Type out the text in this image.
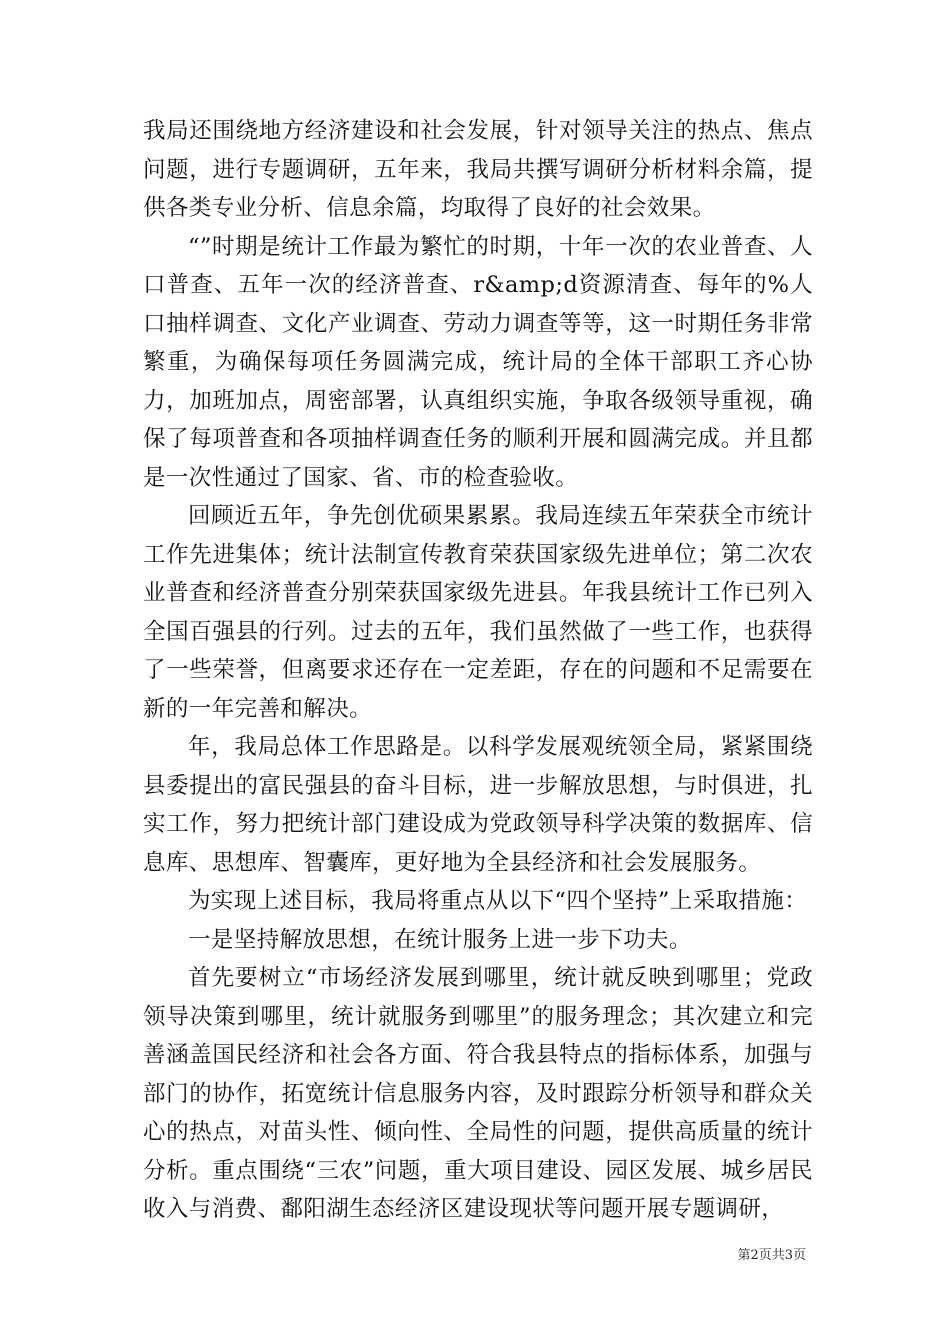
我局还围绕地方经济建设和社会发展，针对领导关注的热点、焦点问题，进行专题调研，五年来，我局共撰写调研分析材料余篇，提供各类专业分析、信息余篇，均取得了良好的社会效果。

“”时期是统计工作最为繁忙的时期，十年一次的农业普查、人口普查、五年一次的经济普查、r&amp;d资源清查、每年的%人口抽样调查、文化产业调查、劳动力调查等等，这一时期任务非常繁重，为确保每项任务圆满完成，统计局的全体干部职工齐心协力，加班加点，周密部署，认真组织实施，争取各级领导重视，确保了每项普查和各项抽样调查任务的顺利开展和圆满完成。并且都是一次性通过了国家、省、市的检查验收。

回顾近五年，争先创优硕果累累。我局连续五年荣获全市统计工作先进集体；统计法制宣传教育荣获国家级先进单位；第二次农业普查和经济普查分别荣获国家级先进县。年我县统计工作已列入全国百强县的行列。过去的五年，我们虽然做了一些工作，也获得了一些荣誉，但离要求还存在一定差距，存在的问题和不足需要在新的一年完善和解决。

年，我局总体工作思路是。以科学发展观统领全局，紧紧围绕县委提出的富民强县的奋斗目标，进一步解放思想，与时俱进，扎实工作，努力把统计部门建设成为党政领导科学决策的数据库、信息库、思想库、智囊库，更好地为全县经济和社会发展服务。

为实现上述目标，我局将重点从以下“四个坚持”上采取措施：

一是坚持解放思想，在统计服务上进一步下功夫。

首先要树立“市场经济发展到哪里，统计就反映到哪里；党政领导决策到哪里，统计就服务到哪里”的服务理念；其次建立和完善涵盖国民经济和社会各方面、符合我县特点的指标体系，加强与部门的协作，拓宽统计信息服务内容，及时跟踪分析领导和群众关心的热点，对苗头性、倾向性、全局性的问题，提供高质量的统计分析。重点围绕“三农”问题，重大项目建设、园区发展、城乡居民收入与消费、鄱阳湖生态经济区建设现状等问题开展专题调研，

第2页共3页
